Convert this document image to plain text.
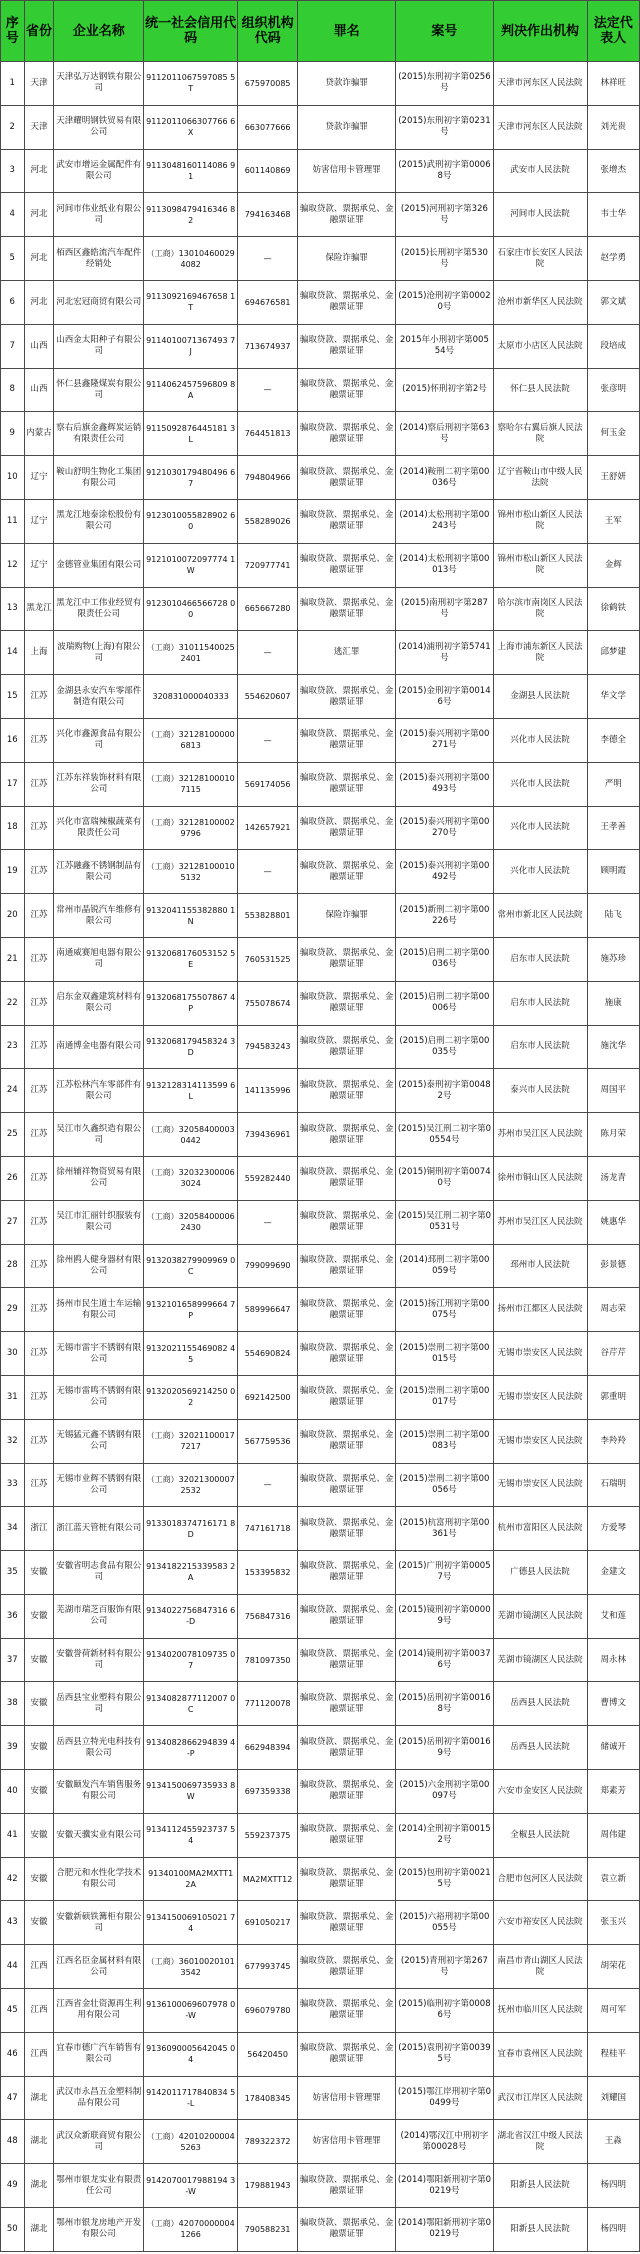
序号	省份	企业名称	统一社会信用代码	组织机构代码	罪名	案号	判决作出机构	法定代表人
1	天津	天津弘万达钢铁有限公司	9112011067597085 5T	675970085	贷款诈骗罪	(2015)东刑初字第0256号	天津市河东区人民法院	林祥旺
2	天津	天津耀明钢铁贸易有限公司	9112011066307766 6X	663077666	贷款诈骗罪	(2015)东刑初字第0231号	天津市河东区人民法院	刘光贵
3	河北	武安市增运金属配件有限公司	9113048160114086 91	601140869	妨害信用卡管理罪	(2015)武刑初字第00068号	武安市人民法院	张增杰
4	河北	河间市伟业纸业有限公司	9113098479416346 82	794163468	骗取贷款、票据承兑、金融票证罪	(2015)河刑初字第326号	河间市人民法院	韦士华
5	河北	栢西区鑫皓流汽车配件经销处	（工商）130104600294082	—	保险诈骗罪	(2015)长刑初字第530号	石家庄市长安区人民法院	赵学勇
6	河北	河北宏冠商贸有限公司	9113092169467658 1T	694676581	骗取贷款、票据承兑、金融票证罪	(2015)沧刑初字第00020号	沧州市新华区人民法院	郭文斌
7	山西	山西金太阳种子有限公司	9114010071367493 7J	713674937	骗取贷款、票据承兑、金融票证罪	2015年小刑初字第00554号	太原市小店区人民法院	段培成
8	山西	怀仁县鑫隆煤炭有限公司	9114062457596809 8A	—	骗取贷款、票据承兑、金融票证罪	(2015)怀刑初字第2号	怀仁县人民法院	张彦明
9	内蒙古	察右后旗金鑫辉炭运销有限责任公司	9115092876445181 3L	764451813	骗取贷款、票据承兑、金融票证罪	(2014)察后刑初字第63号	察哈尔右翼后旗人民法院	何玉金
10	辽宁	鞍山舒明生物化工集团有限公司	9121030179480496 67	794804966	骗取贷款、票据承兑、金融票证罪	(2014)鞍刑二初字第00036号	辽宁省鞍山市中级人民法院	王舒妍
11	辽宁	黑龙江地泰涂松股份有限公司	9123010055828902 60	558289026	骗取贷款、票据承兑、金融票证罪	(2014)太松刑初字第00243号	锦州市松山新区人民法院	王军
12	辽宁	金德管业集团有限公司	9121010072097774 1W	720977741	骗取贷款、票据承兑、金融票证罪	(2014)太松刑初字第00013号	锦州市松山新区人民法院	金辉
13	黑龙江	黑龙江中工伟业经贸有限责任公司	9123010466566728 00	665667280	骗取贷款、票据承兑、金融票证罪	(2015)南刑初字第287号	哈尔滨市南岗区人民法院	徐鹤铁
14	上海	波瑞购物(上海)有限公司	（工商）310115400252401	—	逃汇罪	(2014)浦刑初字第5741号	上海市浦东新区人民法院	邱梦建
15	江苏	金湖县永安汽车零部件制造有限公司	320831000040333	554620607	骗取贷款、票据承兑、金融票证罪	(2015)金刑初字第00146号	金湖县人民法院	华文学
16	江苏	兴化市鑫源食品有限公司	（工商）321281000006813	—	骗取贷款、票据承兑、金融票证罪	(2015)泰兴刑初字第00271号	兴化市人民法院	李德全
17	江苏	江苏东祥装饰材料有限公司	（工商）321281000107115	569174056	骗取贷款、票据承兑、金融票证罪	(2015)泰兴刑初字第00493号	兴化市人民法院	严明
18	江苏	兴化市富瑞辣椒蔬菜有限责任公司	（工商）321281000029796	142657921	骗取贷款、票据承兑、金融票证罪	(2015)泰兴刑初字第00270号	兴化市人民法院	王孝善
19	江苏	江苏融鑫不锈钢制品有限公司	（工商）321281000105132	—	骗取贷款、票据承兑、金融票证罪	(2015)泰兴刑初字第00492号	兴化市人民法院	顾明霞
20	江苏	常州市晶锐汽车维修有限公司	9132041155382880 1N	553828801	保险诈骗罪	(2015)新刑二初字第00226号	常州市新北区人民法院	陆飞
21	江苏	南通威赛旭电器有限公司	9132068176053152 5E	760531525	骗取贷款、票据承兑、金融票证罪	(2015)启刑二初字第00036号	启东市人民法院	施苏珍
22	江苏	启东金双鑫建筑材料有限公司	9132068175507867 4P	755078674	骗取贷款、票据承兑、金融票证罪	(2015)启刑二初字第00006号	启东市人民法院	施康
23	江苏	南通博金电器有限公司	9132068179458324 3D	794583243	骗取贷款、票据承兑、金融票证罪	(2015)启刑二初字第00035号	启东市人民法院	施沈华
24	江苏	江苏松林汽车零部件有限公司	9132128314113599 6L	141135996	骗取贷款、票据承兑、金融票证罪	(2015)泰刑初字第00482号	泰兴市人民法院	周国平
25	江苏	吴江市久鑫织造有限公司	（工商）320584000030442	739436961	骗取贷款、票据承兑、金融票证罪	(2015)吴江刑二初字第00554号	苏州市吴江区人民法院	陈月荣
26	江苏	徐州辅祥物资贸易有限公司	（工商）320323000063024	559282440	骗取贷款、票据承兑、金融票证罪	(2015)铜刑初字第00740号	徐州市铜山区人民法院	汤龙青
27	江苏	吴江市汇丽针织服装有限公司	（工商）320584000062430	—	骗取贷款、票据承兑、金融票证罪	(2015)吴江刑二初字第00531号	苏州市吴江区人民法院	姚惠华
28	江苏	徐州鸥人健身器材有限公司	9132038279909969 0C	799099690	骗取贷款、票据承兑、金融票证罪	(2014)邳刑二初字第00059号	邳州市人民法院	彭景德
29	江苏	扬州市民生道士车运输有限公司	9132101658999664 7P	589996647	骗取贷款、票据承兑、金融票证罪	(2015)扬江刑初字第00075号	扬州市江都区人民法院	周志荣
30	江苏	无锡市雷宇不锈钢有限公司	9132021155469082 45	554690824	骗取贷款、票据承兑、金融票证罪	(2015)崇刑二初字第00015号	无锡市崇安区人民法院	谷芹芹
31	江苏	无锡市雷鸣不锈钢有限公司	9132020569214250 02	692142500	骗取贷款、票据承兑、金融票证罪	(2015)崇刑二初字第00017号	无锡市崇安区人民法院	郭重明
32	江苏	无锡猛元鑫不锈钢有限公司	（工商）320211000177217	567759536	骗取贷款、票据承兑、金融票证罪	(2015)崇刑二初字第00083号	无锡市崇安区人民法院	李羚羚
33	江苏	无锡市业辉不锈钢有限公司	（工商）320213000072532	—	骗取贷款、票据承兑、金融票证罪	(2015)崇刑二初字第00056号	无锡市崇安区人民法院	石瑞明
34	浙江	浙江蓝天管桩有限公司	9133018374716171 8D	747161718	骗取贷款、票据承兑、金融票证罪	(2015)杭富刑初字第00361号	杭州市富阳区人民法院	方爱琴
35	安徽	安徽省明志食品有限公司	9134182215339583 2A	153395832	骗取贷款、票据承兑、金融票证罪	(2015)广刑初字第00057号	广德县人民法院	金建文
36	安徽	芜湖市瑞芝百服饰有限公司	9134022756847316 6-D	756847316	骗取贷款、票据承兑、金融票证罪	(2015)镜刑初字第00009号	芜湖市镜湖区人民法院	艾和莲
37	安徽	安徽誉荷新材料有限公司	9134020078109735 07	781097350	骗取贷款、票据承兑、金融票证罪	(2014)镜刑初字第00376号	芜湖市镜湖区人民法院	周永林
38	安徽	岳西县宝业塑料有限公司	9134082877112007 0C	771120078	骗取贷款、票据承兑、金融票证罪	(2015)岳刑初字第00168号	岳西县人民法院	曹博文
39	安徽	岳西县立特光电科技有限公司	9134082866294839 4-P	662948394	骗取贷款、票据承兑、金融票证罪	(2015)岳刑初字第00169号	岳西县人民法院	储诚开
40	安徽	安徽颐发汽车销售服务有限公司	9134150069735933 8W	697359338	骗取贷款、票据承兑、金融票证罪	(2015)六金刑初字第00097号	六安市金安区人民法院	郑素芳
41	安徽	安徽天骥实业有限公司	9134112455923737 54	559237375	骗取贷款、票据承兑、金融票证罪	(2014)全刑初字第00152号	全椒县人民法院	周伟建
42	安徽	合肥元和水性化学技术有限公司	91340100MA2MXTT1 2A	MA2MXTT12	骗取贷款、票据承兑、金融票证罪	(2015)包刑初字第00215号	合肥市包河区人民法院	袁立新
43	安徽	安徽新硕铁篝柜有限公司	9134150069105021 74	691050217	骗取贷款、票据承兑、金融票证罪	(2015)六裕刑初字第00055号	六安市裕安区人民法院	张玉兴
44	江西	江西名臣金属材料有限公司	（工商）360100201013542	677993745	骗取贷款、票据承兑、金融票证罪	(2015)青刑初字第267号	南昌市青山湖区人民法院	胡荣花
45	江西	江西省金壮资源再生利用有限公司	9136100069607978 0-W	696079780	骗取贷款、票据承兑、金融票证罪	(2015)临刑初字第00086号	抚州市临川区人民法院	周可军
46	江西	宜春市德广汽车销售有限公司	9136090005642045 04	56420450	骗取贷款、票据承兑、金融票证罪	(2015)袁刑初字第00395号	宜春市袁州区人民法院	程桂平
47	湖北	武汉市永昌五金塑料制品有限公司	9142011717840834 5-L	178408345	妨害信用卡管理罪	(2015)鄂江岸刑初字第00499号	武汉市江岸区人民法院	刘耀国
48	湖北	武汉众新联商贸有限公司	（工商）420102000045263	789322372	妨害信用卡管理罪	(2014)鄂汉江中刑初字第00028号	湖北省汉江中级人民法院	王淼
49	湖北	鄂州市银龙实业有限责任公司	9142070017988194 3-W	179881943	骗取贷款、票据承兑、金融票证罪	(2014)鄂阳新刑初字第00219号	阳新县人民法院	杨四明
50	湖北	鄂州市银龙房地产开发有限公司	（工商）420700000041266	790588231	骗取贷款、票据承兑、金融票证罪	(2014)鄂阳新刑初字第00219号	阳新县人民法院	杨四明
